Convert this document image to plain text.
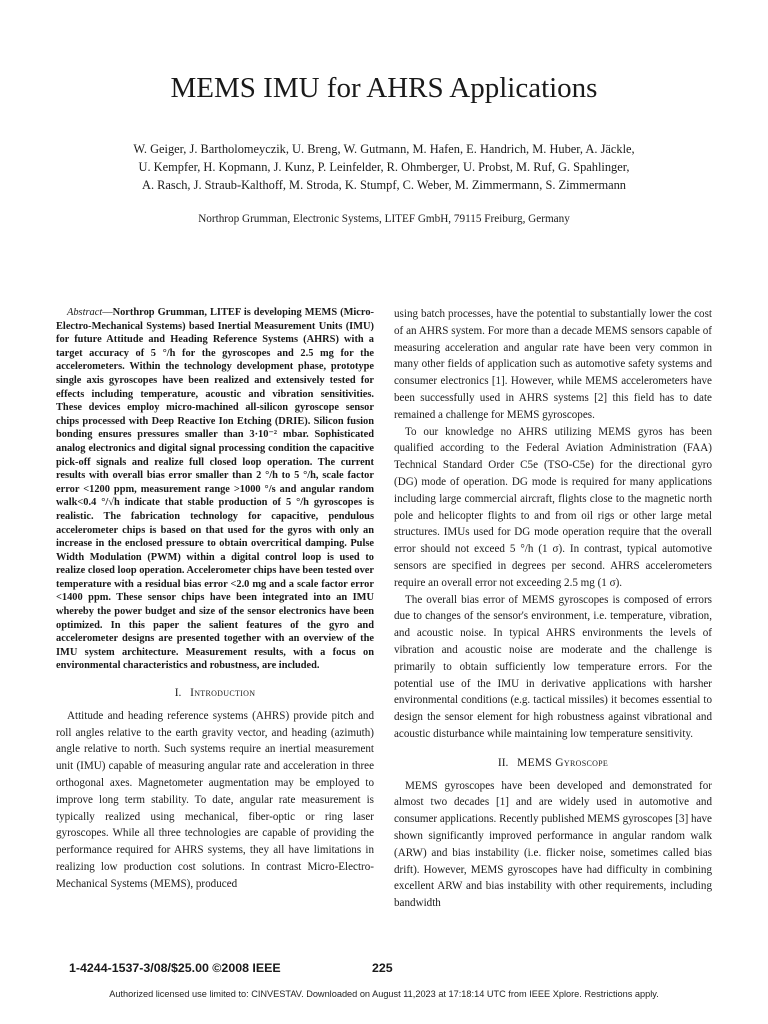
MEMS IMU for AHRS Applications
W. Geiger, J. Bartholomeyczik, U. Breng, W. Gutmann, M. Hafen, E. Handrich, M. Huber, A. Jäckle,
U. Kempfer, H. Kopmann, J. Kunz, P. Leinfelder, R. Ohmberger, U. Probst, M. Ruf, G. Spahlinger,
A. Rasch, J. Straub-Kalthoff, M. Stroda, K. Stumpf, C. Weber, M. Zimmermann, S. Zimmermann
Northrop Grumman, Electronic Systems, LITEF GmbH, 79115 Freiburg, Germany

Abstract—Northrop Grumman, LITEF is developing MEMS (Micro-Electro-Mechanical Systems) based Inertial Measurement Units (IMU) for future Attitude and Heading Reference Systems (AHRS) with a target accuracy of 5 °/h for the gyroscopes and 2.5 mg for the accelerometers. Within the technology development phase, prototype single axis gyroscopes have been realized and extensively tested for effects including temperature, acoustic and vibration sensitivities. These devices employ micro-machined all-silicon gyroscope sensor chips processed with Deep Reactive Ion Etching (DRIE). Silicon fusion bonding ensures pressures smaller than 3·10⁻² mbar. Sophisticated analog electronics and digital signal processing condition the capacitive pick-off signals and realize full closed loop operation. The current results with overall bias error smaller than 2 °/h to 5 °/h, scale factor error <1200 ppm, measurement range >1000 °/s and angular random walk<0.4 °/√h indicate that stable production of 5 °/h gyroscopes is realistic. The fabrication technology for capacitive, pendulous accelerometer chips is based on that used for the gyros with only an increase in the enclosed pressure to obtain overcritical damping. Pulse Width Modulation (PWM) within a digital control loop is used to realize closed loop operation. Accelerometer chips have been tested over temperature with a residual bias error <2.0 mg and a scale factor error <1400 ppm. These sensor chips have been integrated into an IMU whereby the power budget and size of the sensor electronics have been optimized. In this paper the salient features of the gyro and accelerometer designs are presented together with an overview of the IMU system architecture. Measurement results, with a focus on environmental characteristics and robustness, are included.

I. Introduction

Attitude and heading reference systems (AHRS) provide pitch and roll angles relative to the earth gravity vector, and heading (azimuth) angle relative to north. Such systems require an inertial measurement unit (IMU) capable of measuring angular rate and acceleration in three orthogonal axes. Magnetometer augmentation may be employed to improve long term stability. To date, angular rate measurement is typically realized using mechanical, fiber-optic or ring laser gyroscopes. While all three technologies are capable of providing the performance required for AHRS systems, they all have limitations in realizing low production cost solutions. In contrast Micro-Electro-Mechanical Systems (MEMS), produced

using batch processes, have the potential to substantially lower the cost of an AHRS system. For more than a decade MEMS sensors capable of measuring acceleration and angular rate have been very common in many other fields of application such as automotive safety systems and consumer electronics [1]. However, while MEMS accelerometers have been successfully used in AHRS systems [2] this field has to date remained a challenge for MEMS gyroscopes.

To our knowledge no AHRS utilizing MEMS gyros has been qualified according to the Federal Aviation Administration (FAA) Technical Standard Order C5e (TSO-C5e) for the directional gyro (DG) mode of operation. DG mode is required for many applications including large commercial aircraft, flights close to the magnetic north pole and helicopter flights to and from oil rigs or other large metal structures. IMUs used for DG mode operation require that the overall error should not exceed 5 °/h (1 σ). In contrast, typical automotive sensors are specified in degrees per second. AHRS accelerometers require an overall error not exceeding 2.5 mg (1 σ).

The overall bias error of MEMS gyroscopes is composed of errors due to changes of the sensor's environment, i.e. temperature, vibration, and acoustic noise. In typical AHRS environments the levels of vibration and acoustic noise are moderate and the challenge is primarily to obtain sufficiently low temperature errors. For the potential use of the IMU in derivative applications with harsher environmental conditions (e.g. tactical missiles) it becomes essential to design the sensor element for high robustness against vibrational and acoustic disturbance while maintaining low temperature sensitivity.

II. MEMS Gyroscope

MEMS gyroscopes have been developed and demonstrated for almost two decades [1] and are widely used in automotive and consumer applications. Recently published MEMS gyroscopes [3] have shown significantly improved performance in angular random walk (ARW) and bias instability (i.e. flicker noise, sometimes called bias drift). However, MEMS gyroscopes have had difficulty in combining excellent ARW and bias instability with other requirements, including bandwidth

1-4244-1537-3/08/$25.00 ©2008 IEEE	225
Authorized licensed use limited to: CINVESTAV. Downloaded on August 11,2023 at 17:18:14 UTC from IEEE Xplore. Restrictions apply.
